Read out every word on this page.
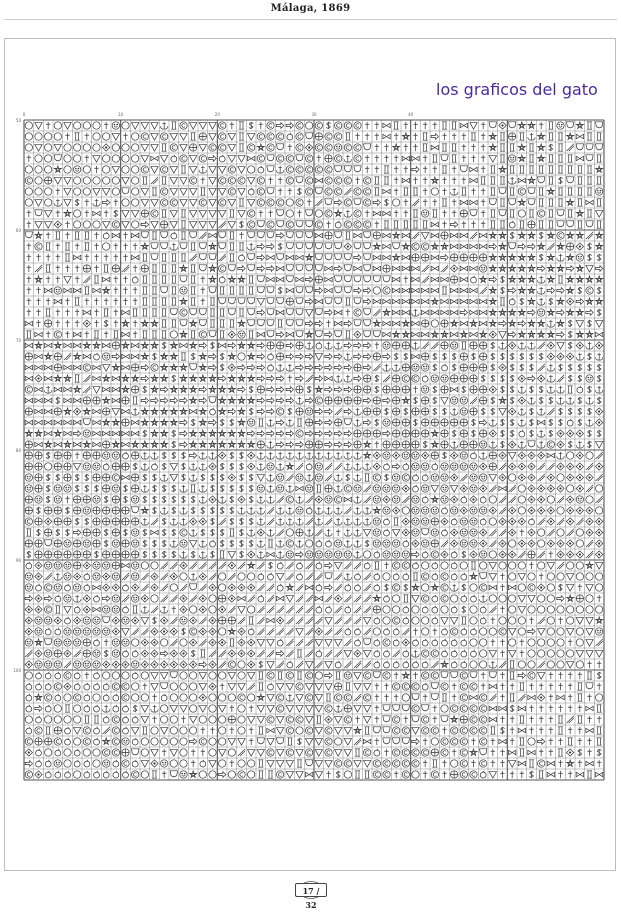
Málaga, 1869
0	10	20	30	40
50
60
70
80
90
100
los graficos del gato
17 / 32
